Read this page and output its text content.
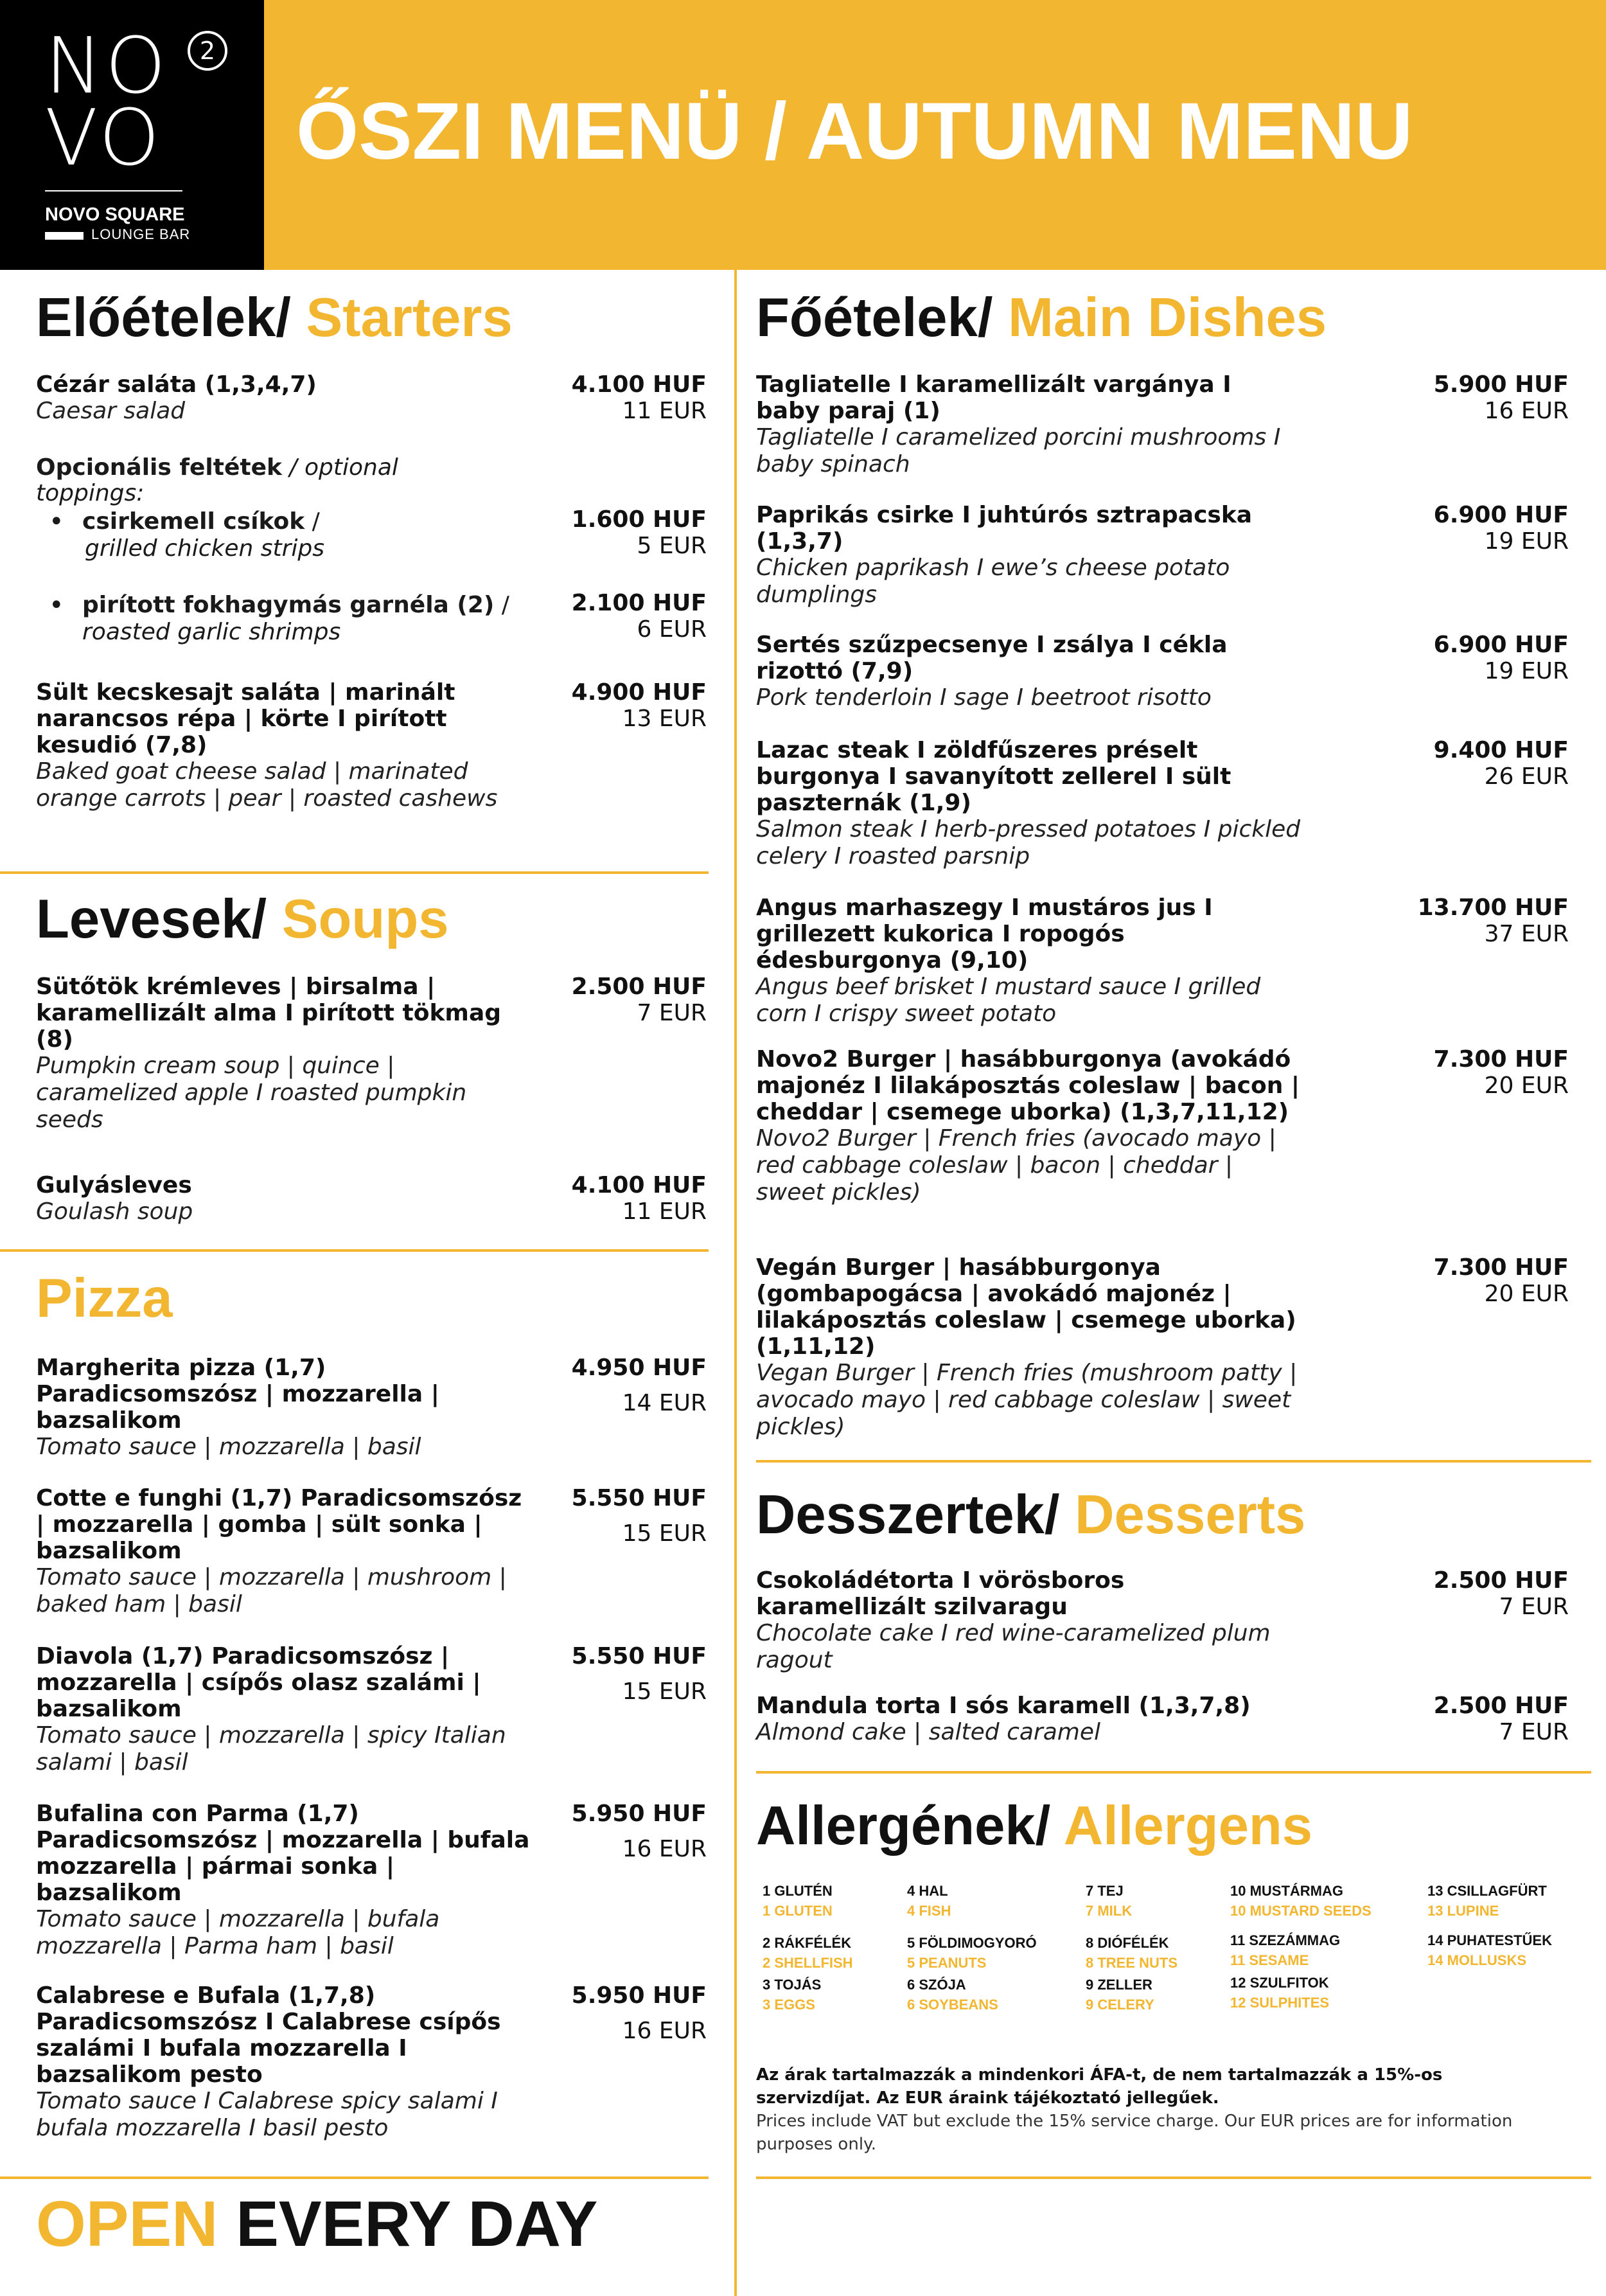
NO
VO
2
NOVO SQUARE
LOUNGE BAR
ŐSZI MENÜ / AUTUMN MENU
Előételek/ Starters
Cézár saláta (1,3,4,7)
Caesar salad
4.100 HUF
11 EUR
Opcionális feltétek / optional toppings:
• csirkemell csíkok /
grilled chicken strips
1.600 HUF
5 EUR
• pirított fokhagymás garnéla (2) /
roasted garlic shrimps
2.100 HUF
6 EUR
Sült kecskesajt saláta | marinált narancsos répa | körte I pirított kesudió (7,8)
Baked goat cheese salad | marinated orange carrots | pear | roasted cashews
4.900 HUF
13 EUR
Levesek/ Soups
Sütőtök krémleves | birsalma | karamellizált alma I pirított tökmag (8)
Pumpkin cream soup | quince | caramelized apple I roasted pumpkin seeds
2.500 HUF
7 EUR
Gulyásleves
Goulash soup
4.100 HUF
11 EUR
Pizza
Margherita pizza (1,7) Paradicsomszósz | mozzarella | bazsalikom
Tomato sauce | mozzarella | basil
4.950 HUF
14 EUR
Cotte e funghi (1,7) Paradicsomszósz | mozzarella | gomba | sült sonka | bazsalikom
Tomato sauce | mozzarella | mushroom | baked ham | basil
5.550 HUF
15 EUR
Diavola (1,7) Paradicsomszósz | mozzarella | csípős olasz szalámi | bazsalikom
Tomato sauce | mozzarella | spicy Italian salami | basil
5.550 HUF
15 EUR
Bufalina con Parma (1,7) Paradicsomszósz | mozzarella | bufala mozzarella | pármai sonka | bazsalikom
Tomato sauce | mozzarella | bufala mozzarella | Parma ham | basil
5.950 HUF
16 EUR
Calabrese e Bufala (1,7,8) Paradicsomszósz I Calabrese csípős szalámi I bufala mozzarella I bazsalikom pesto
Tomato sauce I Calabrese spicy salami I bufala mozzarella I basil pesto
5.950 HUF
16 EUR
OPEN EVERY DAY
Főételek/ Main Dishes
Tagliatelle I karamellizált vargánya I baby paraj (1)
Tagliatelle I caramelized porcini mushrooms I baby spinach
5.900 HUF
16 EUR
Paprikás csirke I juhtúrós sztrapacska (1,3,7)
Chicken paprikash I ewe’s cheese potato dumplings
6.900 HUF
19 EUR
Sertés szűzpecsenye I zsálya I cékla rizottó (7,9)
Pork tenderloin I sage I beetroot risotto
6.900 HUF
19 EUR
Lazac steak I zöldfűszeres préselt burgonya I savanyított zellerel I sült paszternák (1,9)
Salmon steak I herb-pressed potatoes I pickled celery I roasted parsnip
9.400 HUF
26 EUR
Angus marhaszegy I mustáros jus I grillezett kukorica I ropogós édesburgonya (9,10)
Angus beef brisket I mustard sauce I grilled corn I crispy sweet potato
13.700 HUF
37 EUR
Novo2 Burger | hasábburgonya (avokádó majonéz I lilakáposztás coleslaw | bacon | cheddar | csemege uborka) (1,3,7,11,12)
Novo2 Burger | French fries (avocado mayo | red cabbage coleslaw | bacon | cheddar | sweet pickles)
7.300 HUF
20 EUR
Vegán Burger | hasábburgonya (gombapogácsa | avokádó majonéz | lilakáposztás coleslaw | csemege uborka) (1,11,12)
Vegan Burger | French fries (mushroom patty | avocado mayo | red cabbage coleslaw | sweet pickles)
7.300 HUF
20 EUR
Desszertek/ Desserts
Csokoládétorta I vörösboros karamellizált szilvaragu
Chocolate cake I red wine-caramelized plum ragout
2.500 HUF
7 EUR
Mandula torta I sós karamell (1,3,7,8)
Almond cake | salted caramel
2.500 HUF
7 EUR
Allergének/ Allergens
1 GLUTÉN
1 GLUTEN
2 RÁKFÉLÉK
2 SHELLFISH
3 TOJÁS
3 EGGS
4 HAL
4 FISH
5 FÖLDIMOGYORÓ
5 PEANUTS
6 SZÓJA
6 SOYBEANS
7 TEJ
7 MILK
8 DIÓFÉLÉK
8 TREE NUTS
9 ZELLER
9 CELERY
10 MUSTÁRMAG
10 MUSTARD SEEDS
11 SZEZÁMMAG
11 SESAME
12 SZULFITOK
12 SULPHITES
13 CSILLAGFÜRT
13 LUPINE
14 PUHATESTŰEK
14 MOLLUSKS
Az árak tartalmazzák a mindenkori ÁFA-t, de nem tartalmazzák a 15%-os szervizdíjat. Az EUR áraink tájékoztató jellegűek.
Prices include VAT but exclude the 15% service charge. Our EUR prices are for information purposes only.
